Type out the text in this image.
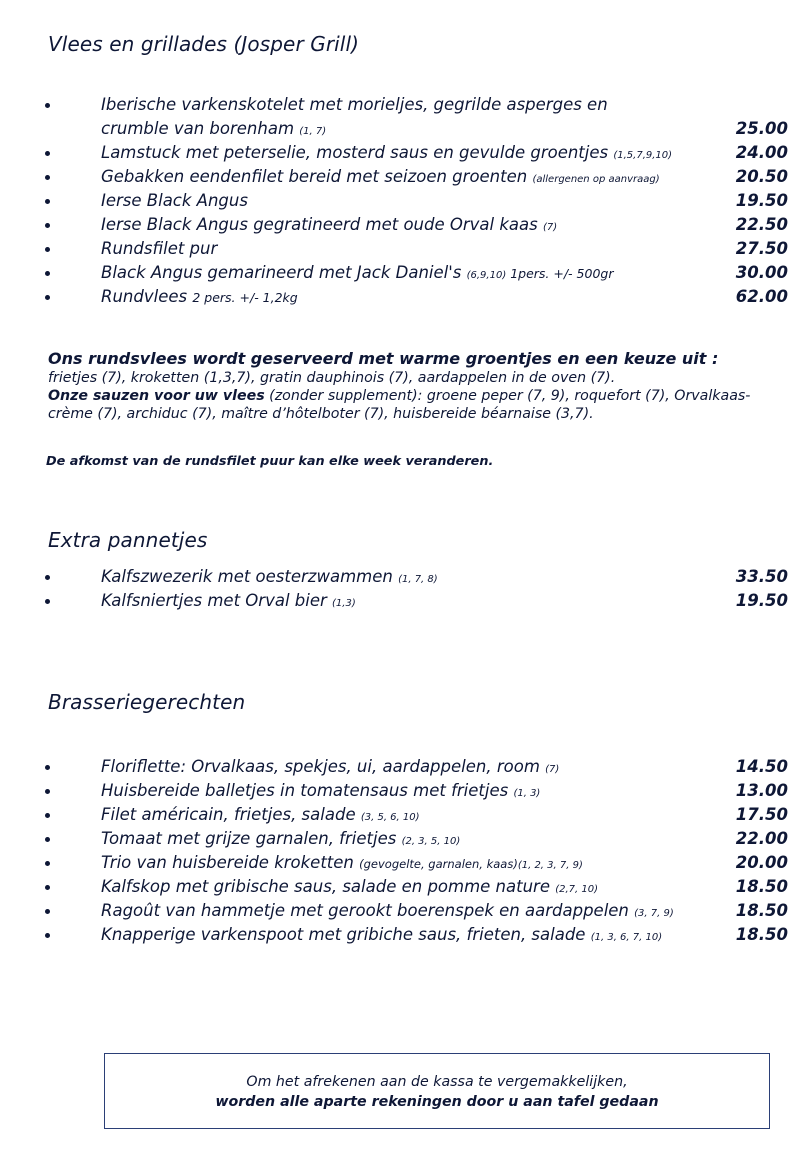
Vlees en grillades (Josper Grill)
Iberische varkenskotelet met morieljes, gegrilde asperges en
crumble van borenham (1, 7)	25.00
Lamstuck met peterselie, mosterd saus en gevulde groentjes (1,5,7,9,10)	24.00
Gebakken eendenfilet bereid met seizoen groenten (allergenen op aanvraag)	20.50
Ierse Black Angus	19.50
Ierse Black Angus gegratineerd met oude Orval kaas (7)	22.50
Rundsfilet pur	27.50
Black Angus gemarineerd met Jack Daniel's (6,9,10) 1pers. +/- 500gr	30.00
Rundvlees 2 pers. +/- 1,2kg	62.00
Ons rundsvlees wordt geserveerd met warme groentjes en een keuze uit :
frietjes (7), kroketten (1,3,7), gratin dauphinois (7), aardappelen in de oven (7).
Onze sauzen voor uw vlees (zonder supplement): groene peper (7, 9), roquefort (7), Orvalkaas-
crème (7), archiduc (7), maître d’hôtelboter (7), huisbereide béarnaise (3,7).
De afkomst van de rundsfilet puur kan elke week veranderen.
Extra pannetjes
Kalfszwezerik met oesterzwammen (1, 7, 8)	33.50
Kalfsniertjes met Orval bier (1,3)	19.50
Brasseriegerechten
Floriflette: Orvalkaas, spekjes, ui, aardappelen, room (7)	14.50
Huisbereide balletjes in tomatensaus met frietjes (1, 3)	13.00
Filet américain, frietjes, salade (3, 5, 6, 10)	17.50
Tomaat met grijze garnalen, frietjes (2, 3, 5, 10)	22.00
Trio van huisbereide kroketten (gevogelte, garnalen, kaas)(1, 2, 3, 7, 9)	20.00
Kalfskop met gribische saus, salade en pomme nature (2,7, 10)	18.50
Ragoût van hammetje met gerookt boerenspek en aardappelen (3, 7, 9)	18.50
Knapperige varkenspoot met gribiche saus, frieten, salade (1, 3, 6, 7, 10)	18.50
Om het afrekenen aan de kassa te vergemakkelijken,
worden alle aparte rekeningen door u aan tafel gedaan
